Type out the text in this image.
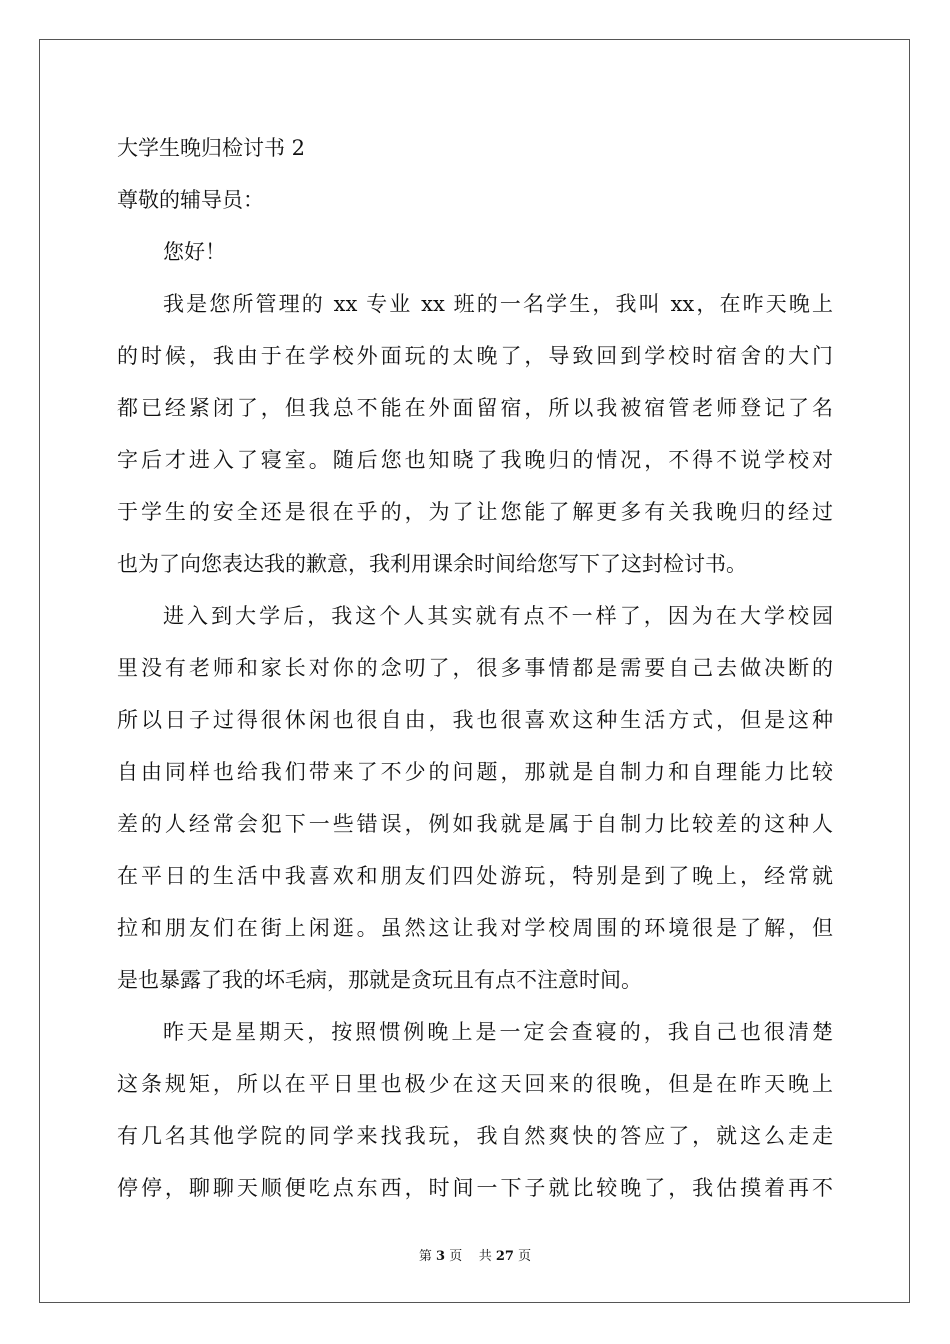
大学生晚归检讨书 2
尊敬的辅导员：
您好！
我是您所管理的 xx 专业 xx 班的一名学生，我叫 xx，在昨天晚上
的时候，我由于在学校外面玩的太晚了，导致回到学校时宿舍的大门
都已经紧闭了，但我总不能在外面留宿，所以我被宿管老师登记了名
字后才进入了寝室。随后您也知晓了我晚归的情况，不得不说学校对
于学生的安全还是很在乎的，为了让您能了解更多有关我晚归的经过
也为了向您表达我的歉意，我利用课余时间给您写下了这封检讨书。
进入到大学后，我这个人其实就有点不一样了，因为在大学校园
里没有老师和家长对你的念叨了，很多事情都是需要自己去做决断的
所以日子过得很休闲也很自由，我也很喜欢这种生活方式，但是这种
自由同样也给我们带来了不少的问题，那就是自制力和自理能力比较
差的人经常会犯下一些错误，例如我就是属于自制力比较差的这种人
在平日的生活中我喜欢和朋友们四处游玩，特别是到了晚上，经常就
拉和朋友们在街上闲逛。虽然这让我对学校周围的环境很是了解，但
是也暴露了我的坏毛病，那就是贪玩且有点不注意时间。
昨天是星期天，按照惯例晚上是一定会查寝的，我自己也很清楚
这条规矩，所以在平日里也极少在这天回来的很晚，但是在昨天晚上
有几名其他学院的同学来找我玩，我自然爽快的答应了，就这么走走
停停，聊聊天顺便吃点东西，时间一下子就比较晚了，我估摸着再不
第 3 页    共 27 页
